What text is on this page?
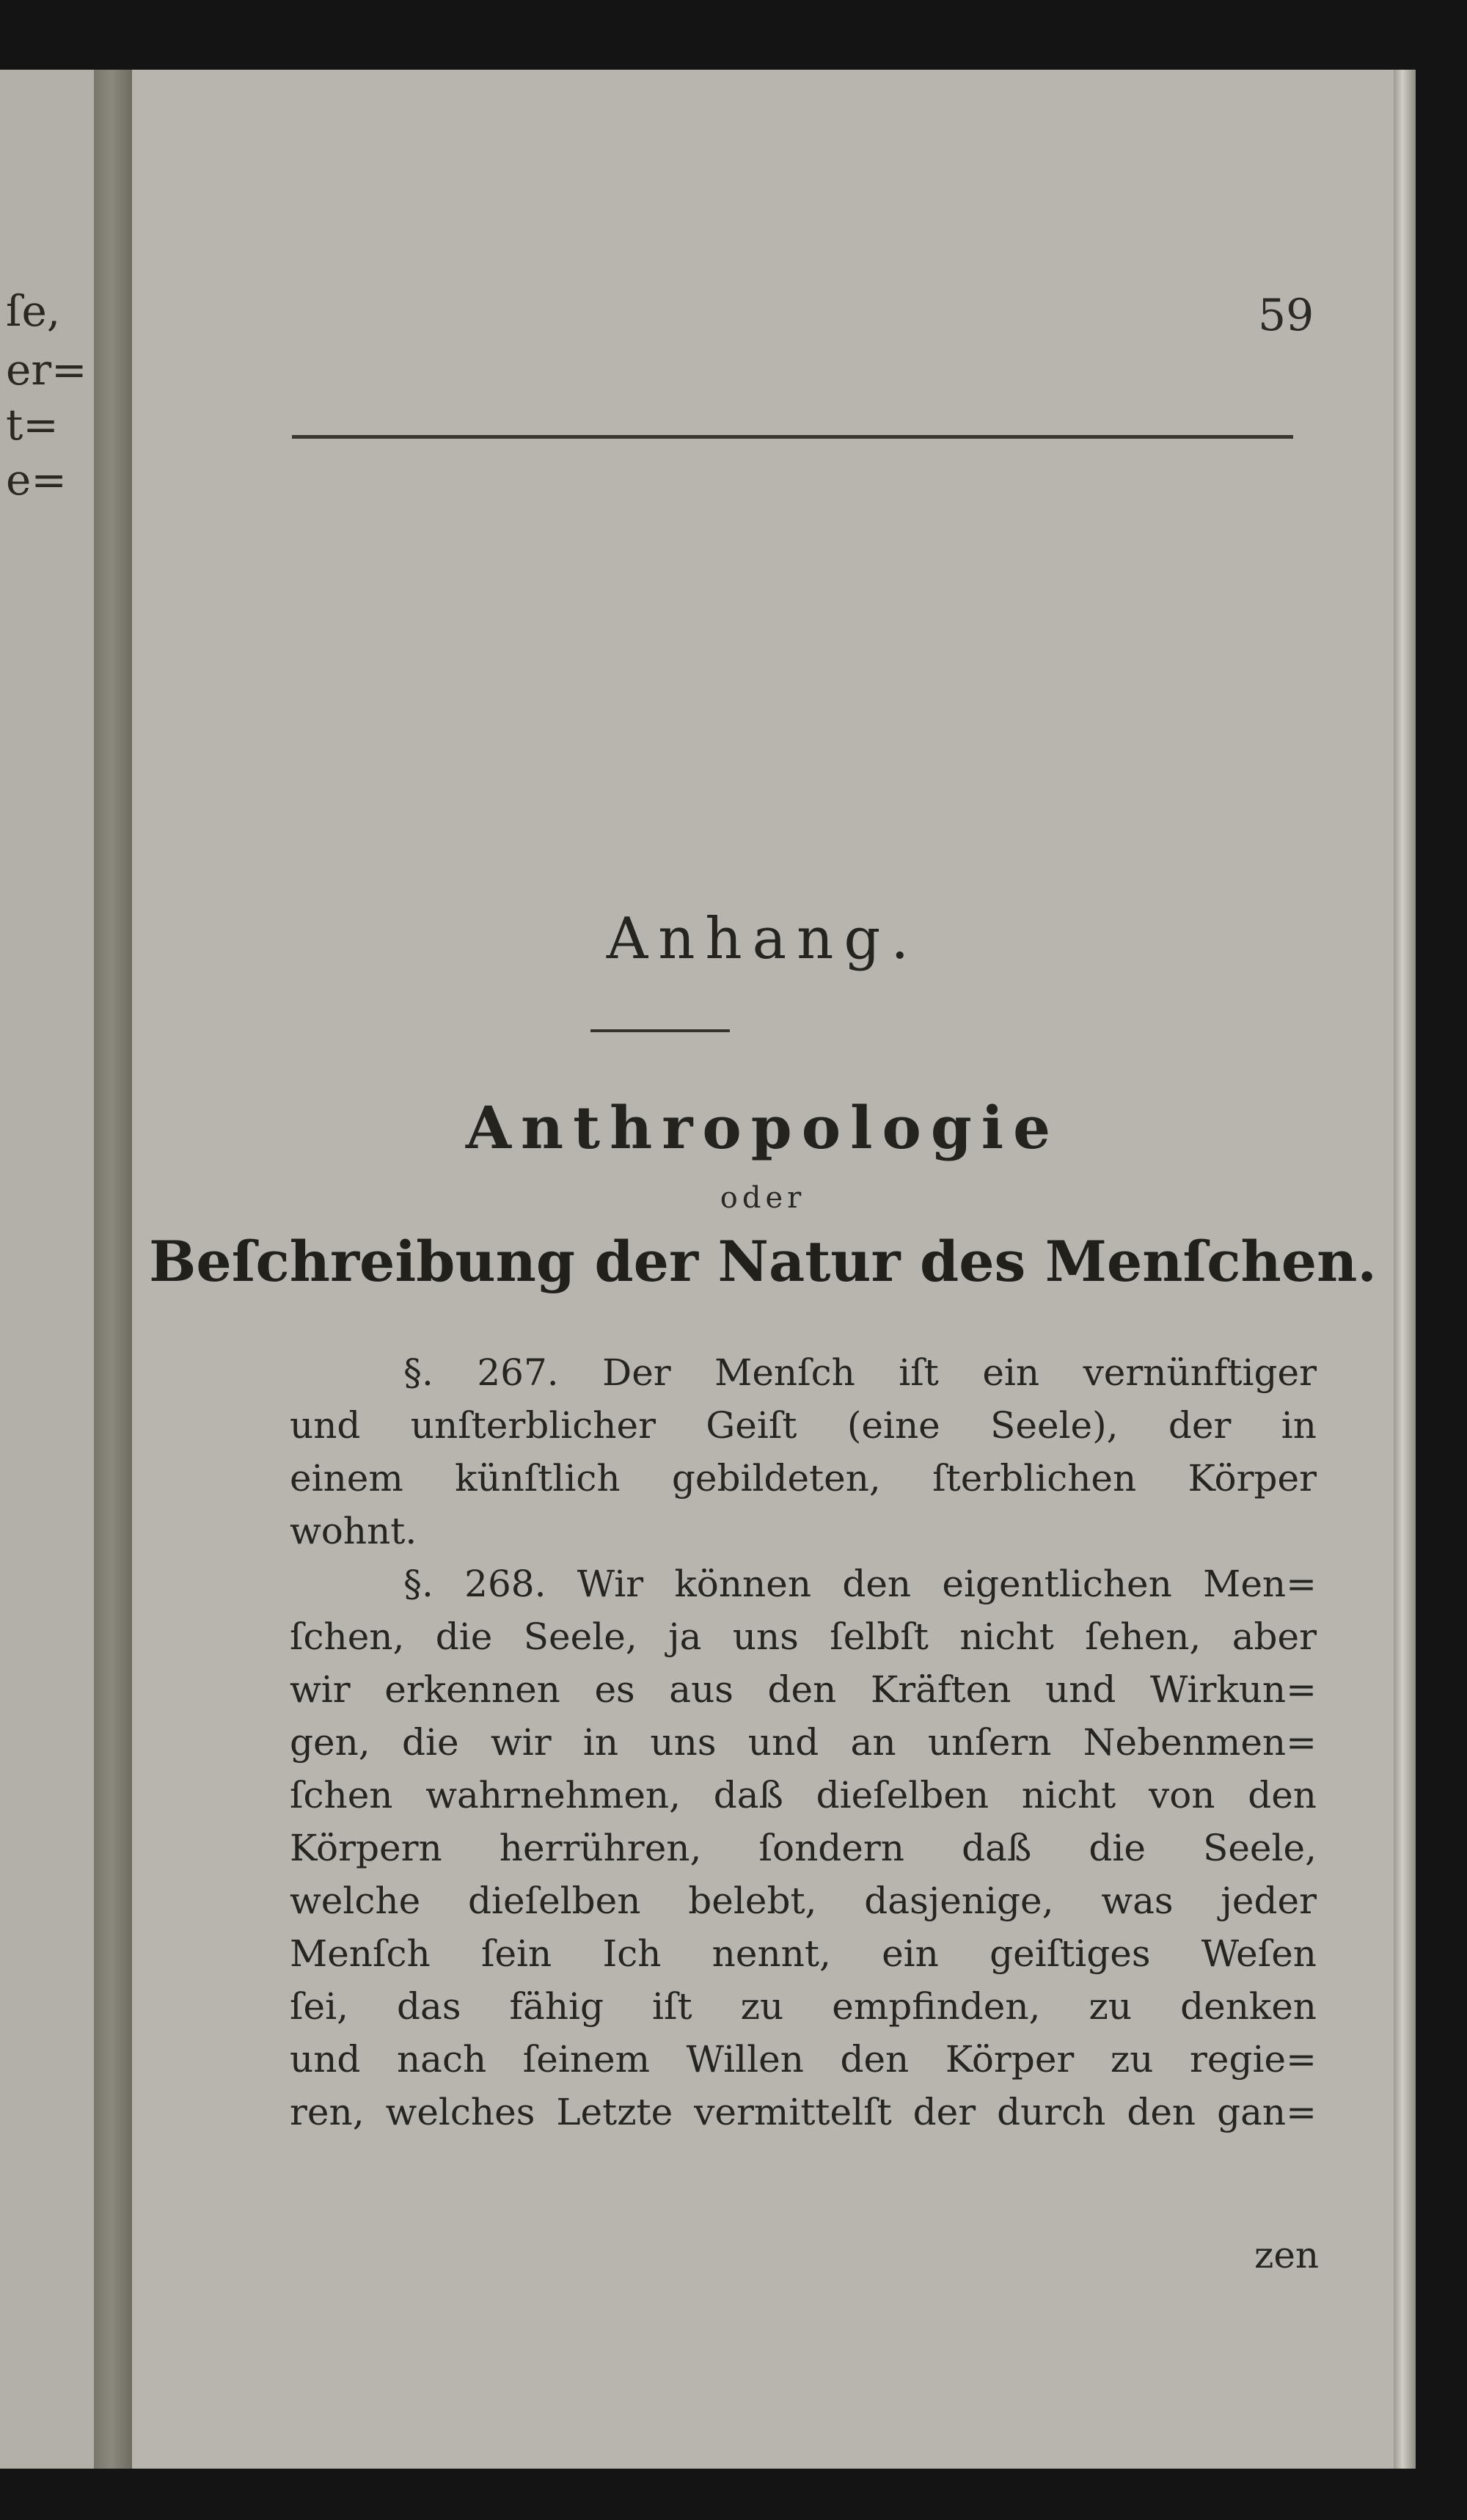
ſe,
er=
t=
e=
59
Anhang.
Anthropologie
oder
Beſchreibung der Natur des Menſchen.
§. 267. Der Menſch iſt ein vernünftiger
und unſterblicher Geiſt (eine Seele), der in
einem künſtlich gebildeten, ſterblichen Körper
wohnt.
§. 268. Wir können den eigentlichen Men=
ſchen, die Seele, ja uns ſelbſt nicht ſehen, aber
wir erkennen es aus den Kräften und Wirkun=
gen, die wir in uns und an unſern Nebenmen=
ſchen wahrnehmen, daß dieſelben nicht von den
Körpern herrühren, ſondern daß die Seele,
welche dieſelben belebt, dasjenige, was jeder
Menſch ſein Ich nennt, ein geiſtiges Weſen
ſei, das fähig iſt zu empfinden, zu denken
und nach ſeinem Willen den Körper zu regie=
ren, welches Letzte vermittelſt der durch den gan=
zen
